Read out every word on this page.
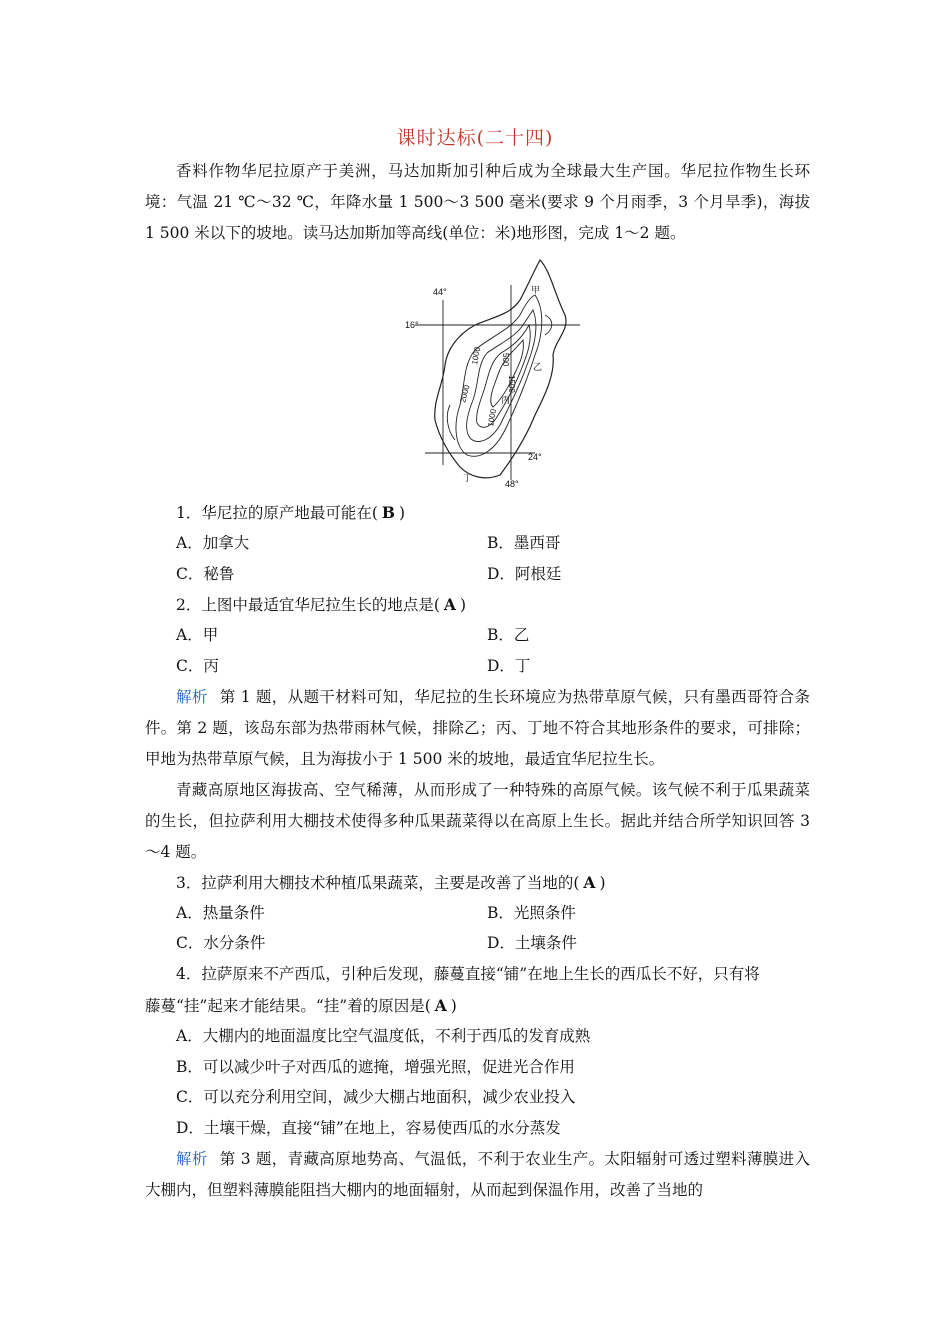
课时达标(二十四)
香料作物华尼拉原产于美洲，马达加斯加引种后成为全球最大生产国。华尼拉作物生长环境：气温 21 ℃～32 ℃，年降水量 1 500～3 500 毫米(要求 9 个月雨季，3 个月旱季)，海拔 1 500 米以下的坡地。读马达加斯加等高线(单位：米)地形图，完成 1～2 题。
44°
16°
24°
48°
甲
乙
丙
丁
500
1000
1500
2000
1000
1．华尼拉的原产地最可能在( B )
A．加拿大	B．墨西哥
C．秘鲁	D．阿根廷
2．上图中最适宜华尼拉生长的地点是( A )
A．甲	B．乙
C．丙	D．丁
解析 第 1 题，从题干材料可知，华尼拉的生长环境应为热带草原气候，只有墨西哥符合条件。第 2 题，该岛东部为热带雨林气候，排除乙；丙、丁地不符合其地形条件的要求，可排除；甲地为热带草原气候，且为海拔小于 1 500 米的坡地，最适宜华尼拉生长。
青藏高原地区海拔高、空气稀薄，从而形成了一种特殊的高原气候。该气候不利于瓜果蔬菜的生长，但拉萨利用大棚技术使得多种瓜果蔬菜得以在高原上生长。据此并结合所学知识回答 3～4 题。
3．拉萨利用大棚技术种植瓜果蔬菜，主要是改善了当地的( A )
A．热量条件	B．光照条件
C．水分条件	D．土壤条件
4．拉萨原来不产西瓜，引种后发现，藤蔓直接“铺”在地上生长的西瓜长不好，只有将
藤蔓“挂”起来才能结果。“挂”着的原因是( A )
A．大棚内的地面温度比空气温度低，不利于西瓜的发育成熟
B．可以减少叶子对西瓜的遮掩，增强光照，促进光合作用
C．可以充分利用空间，减少大棚占地面积，减少农业投入
D．土壤干燥，直接“铺”在地上，容易使西瓜的水分蒸发
解析 第 3 题，青藏高原地势高、气温低，不利于农业生产。太阳辐射可透过塑料薄膜进入大棚内，但塑料薄膜能阻挡大棚内的地面辐射，从而起到保温作用，改善了当地的
